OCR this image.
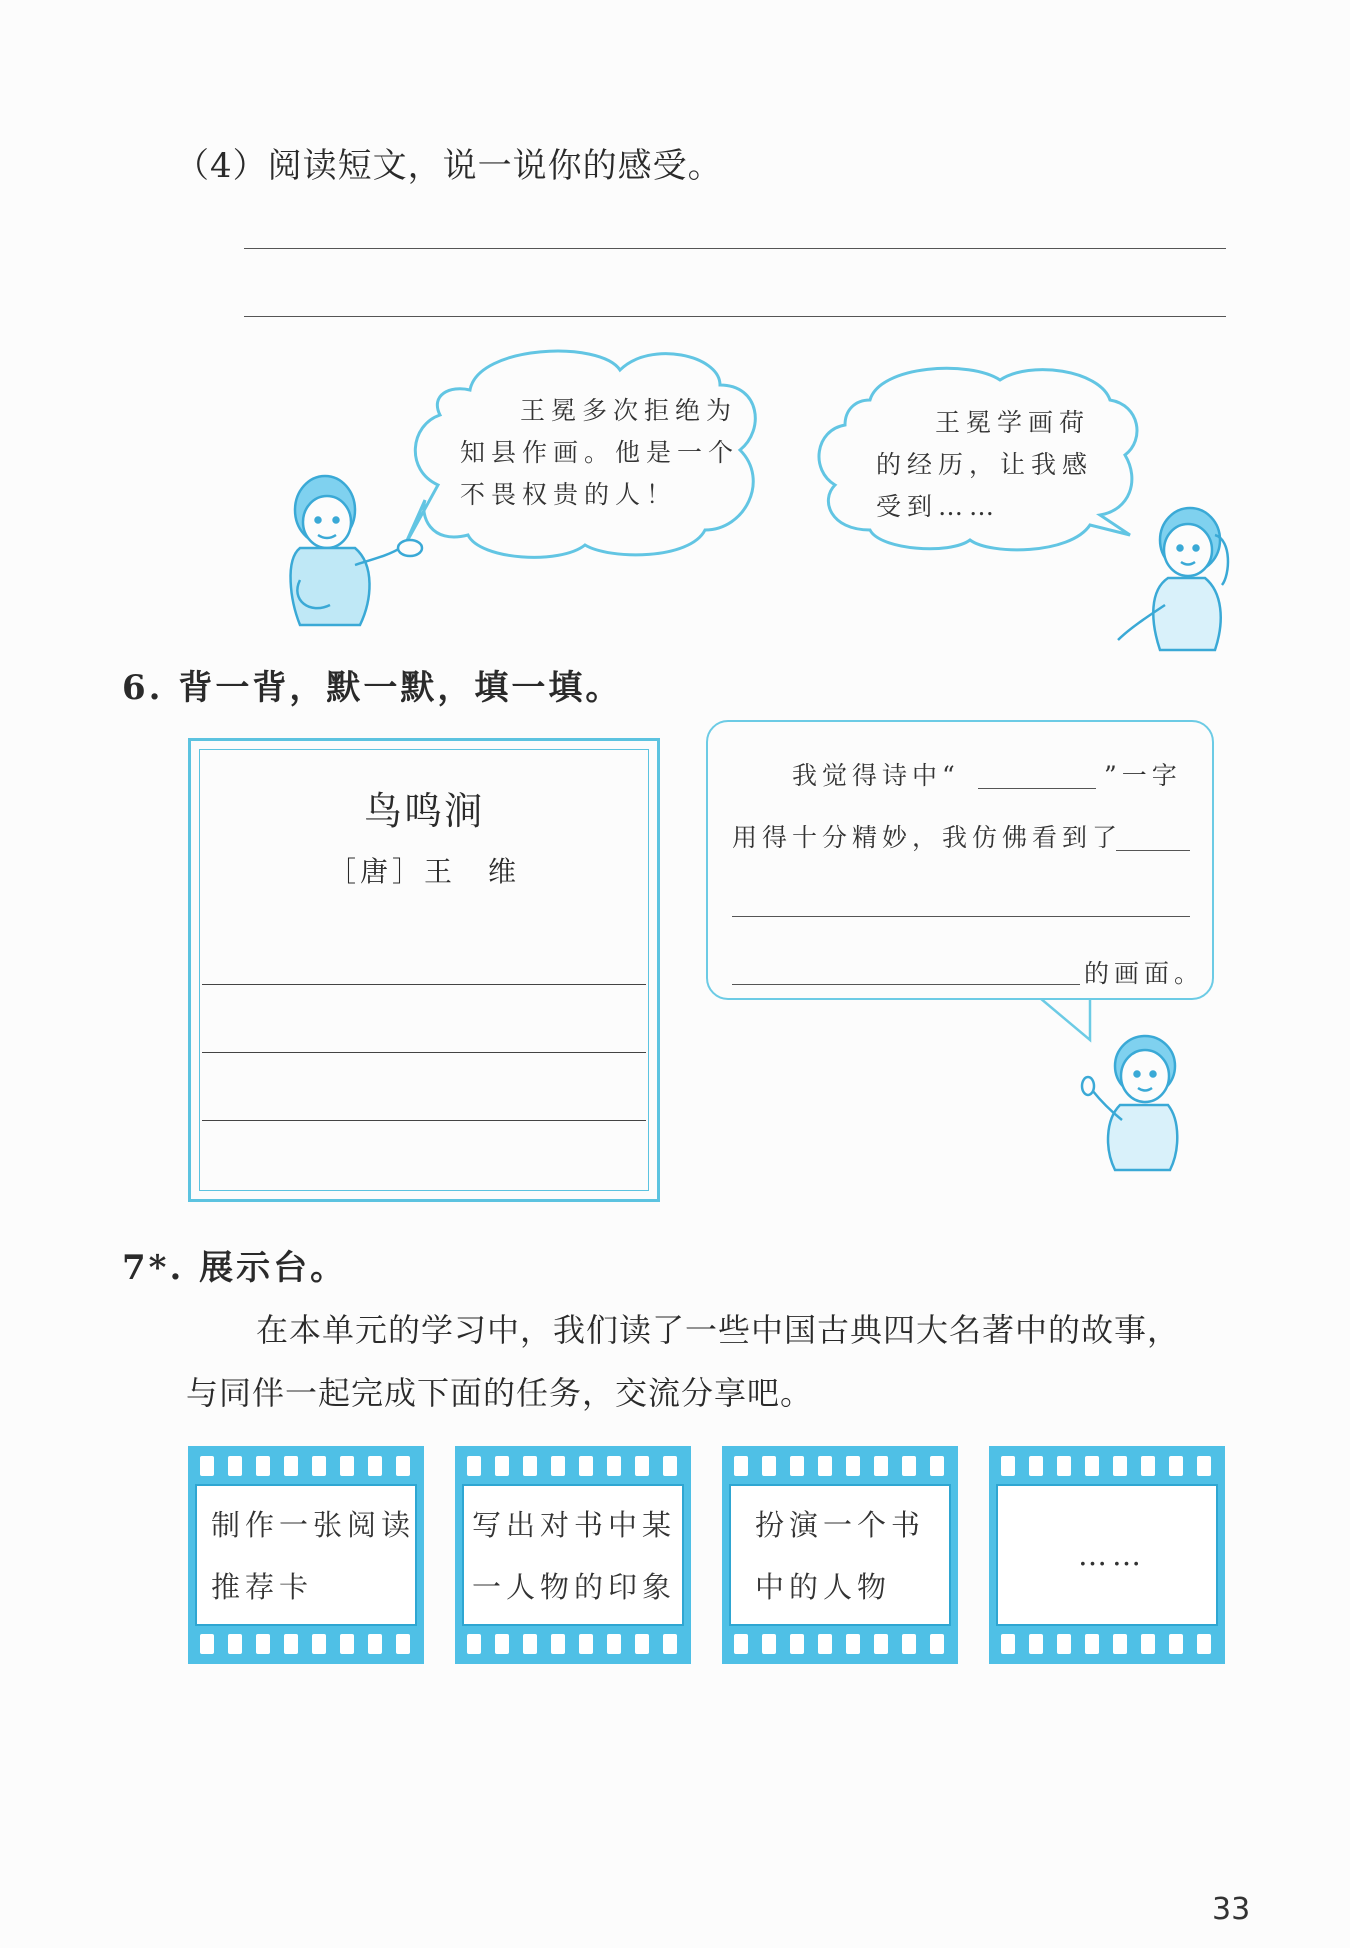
（4）阅读短文，说一说你的感受。
王冕多次拒绝为
知县作画。他是一个
不畏权贵的人！
王冕学画荷
的经历，让我感
受到……
6. 背一背，默一默，填一填。
鸟鸣涧
［唐］王　维
我觉得诗中“	”一字
用得十分精妙，我仿佛看到了
的画面。
7*. 展示台。
在本单元的学习中，我们读了一些中国古典四大名著中的故事，
与同伴一起完成下面的任务，交流分享吧。
制作一张阅读
推荐卡
写出对书中某
一人物的印象
扮演一个书
中的人物
……
33
